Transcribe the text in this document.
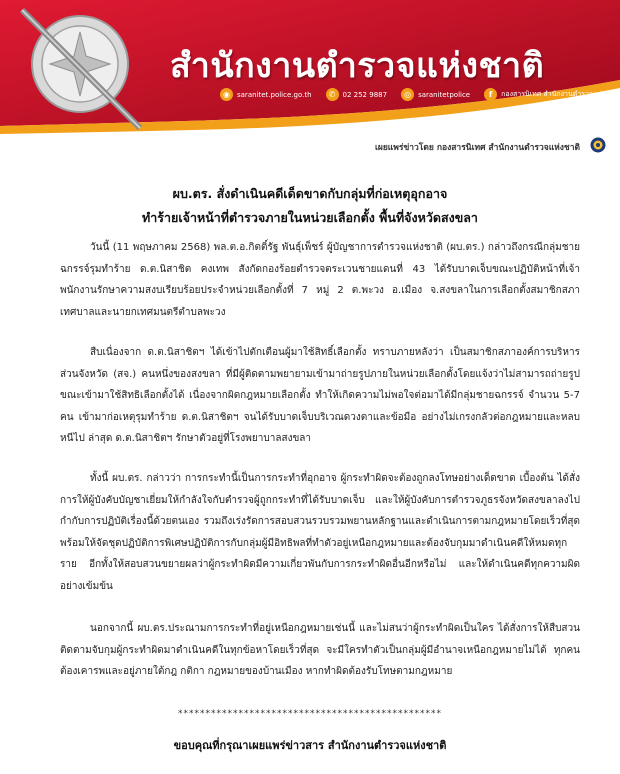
สำนักงานตำรวจแห่งชาติ
◉	saranitet.police.go.th	✆	02 252 9887	◎	saranitetpolice	f	กองสารนิเทศ สำนักงานตำรวจแห่งชาติ
เผยแพร่ข่าวโดย กองสารนิเทศ สำนักงานตำรวจแห่งชาติ
ผบ.ตร. สั่งดำเนินคดีเด็ดขาดกับกลุ่มที่ก่อเหตุอุกอาจ
ทำร้ายเจ้าหน้าที่ตำรวจภายในหน่วยเลือกตั้ง พื้นที่จังหวัดสงขลา

วันนี้ (11 พฤษภาคม 2568) พล.ต.อ.กิตติ์รัฐ พันธุ์เพ็ชร์ ผู้บัญชาการตำรวจแห่งชาติ (ผบ.ตร.) กล่าวถึงกรณีกลุ่มชายฉกรรจ์รุมทำร้าย ด.ต.นิสาชิต คงเทพ สังกัดกองร้อยตำรวจตระเวนชายแดนที่ 43 ได้รับบาดเจ็บขณะปฏิบัติหน้าที่เจ้าพนักงานรักษาความสงบเรียบร้อยประจำหน่วยเลือกตั้งที่ 7 หมู่ 2 ต.พะวง อ.เมือง จ.สงขลาในการเลือกตั้งสมาชิกสภาเทศบาลและนายกเทศมนตรีตำบลพะวง

สืบเนื่องจาก ด.ต.นิสาชิตฯ ได้เข้าไปตักเตือนผู้มาใช้สิทธิ์เลือกตั้ง ทราบภายหลังว่า เป็นสมาชิกสภาองค์การบริหารส่วนจังหวัด (สจ.) คนหนึ่งของสงขลา ที่มีผู้ติดตามพยายามเข้ามาถ่ายรูปภายในหน่วยเลือกตั้งโดยแจ้งว่าไม่สามารถถ่ายรูปขณะเข้ามาใช้สิทธิเลือกตั้งได้ เนื่องจากผิดกฎหมายเลือกตั้ง ทำให้เกิดความไม่พอใจต่อมาได้มีกลุ่มชายฉกรรจ์ จำนวน 5-7 คน เข้ามาก่อเหตุรุมทำร้าย ด.ต.นิสาชิตฯ จนได้รับบาดเจ็บบริเวณดวงตาและข้อมือ อย่างไม่เกรงกลัวต่อกฎหมายและหลบหนีไป ล่าสุด ด.ต.นิสาชิตฯ รักษาตัวอยู่ที่โรงพยาบาลสงขลา

ทั้งนี้ ผบ.ตร. กล่าวว่า การกระทำนี้เป็นการกระทำที่อุกอาจ ผู้กระทำผิดจะต้องถูกลงโทษอย่างเด็ดขาด เบื้องต้น ได้สั่งการให้ผู้บังคับบัญชาเยี่ยมให้กำลังใจกับตำรวจผู้ถูกกระทำที่ได้รับบาดเจ็บ และให้ผู้บังคับการตำรวจภูธรจังหวัดสงขลาลงไปกำกับการปฏิบัติเรื่องนี้ด้วยตนเอง รวมถึงเร่งรัดการสอบสวนรวบรวมพยานหลักฐานและดำเนินการตามกฎหมายโดยเร็วที่สุด พร้อมให้จัดชุดปฏิบัติการพิเศษปฏิบัติการกับกลุ่มผู้มีอิทธิพลที่ทำตัวอยู่เหนือกฎหมายและต้องจับกุมมาดำเนินคดีให้หมดทุกราย อีกทั้งให้สอบสวนขยายผลว่าผู้กระทำผิดมีความเกี่ยวพันกับการกระทำผิดอื่นอีกหรือไม่ และให้ดำเนินคดีทุกความผิดอย่างเข้มข้น

นอกจากนี้ ผบ.ตร.ประณามการกระทำที่อยู่เหนือกฎหมายเช่นนี้ และไม่สนว่าผู้กระทำผิดเป็นใคร ได้สั่งการให้สืบสวนติดตามจับกุมผู้กระทำผิดมาดำเนินคดีในทุกข้อหาโดยเร็วที่สุด จะมีใครทำตัวเป็นกลุ่มผู้มีอำนาจเหนือกฎหมายไม่ได้ ทุกคนต้องเคารพและอยู่ภายใต้กฎ กติกา กฎหมายของบ้านเมือง หากทำผิดต้องรับโทษตามกฎหมาย

************************************************
ขอบคุณที่กรุณาเผยแพร่ข่าวสาร สำนักงานตำรวจแห่งชาติ
